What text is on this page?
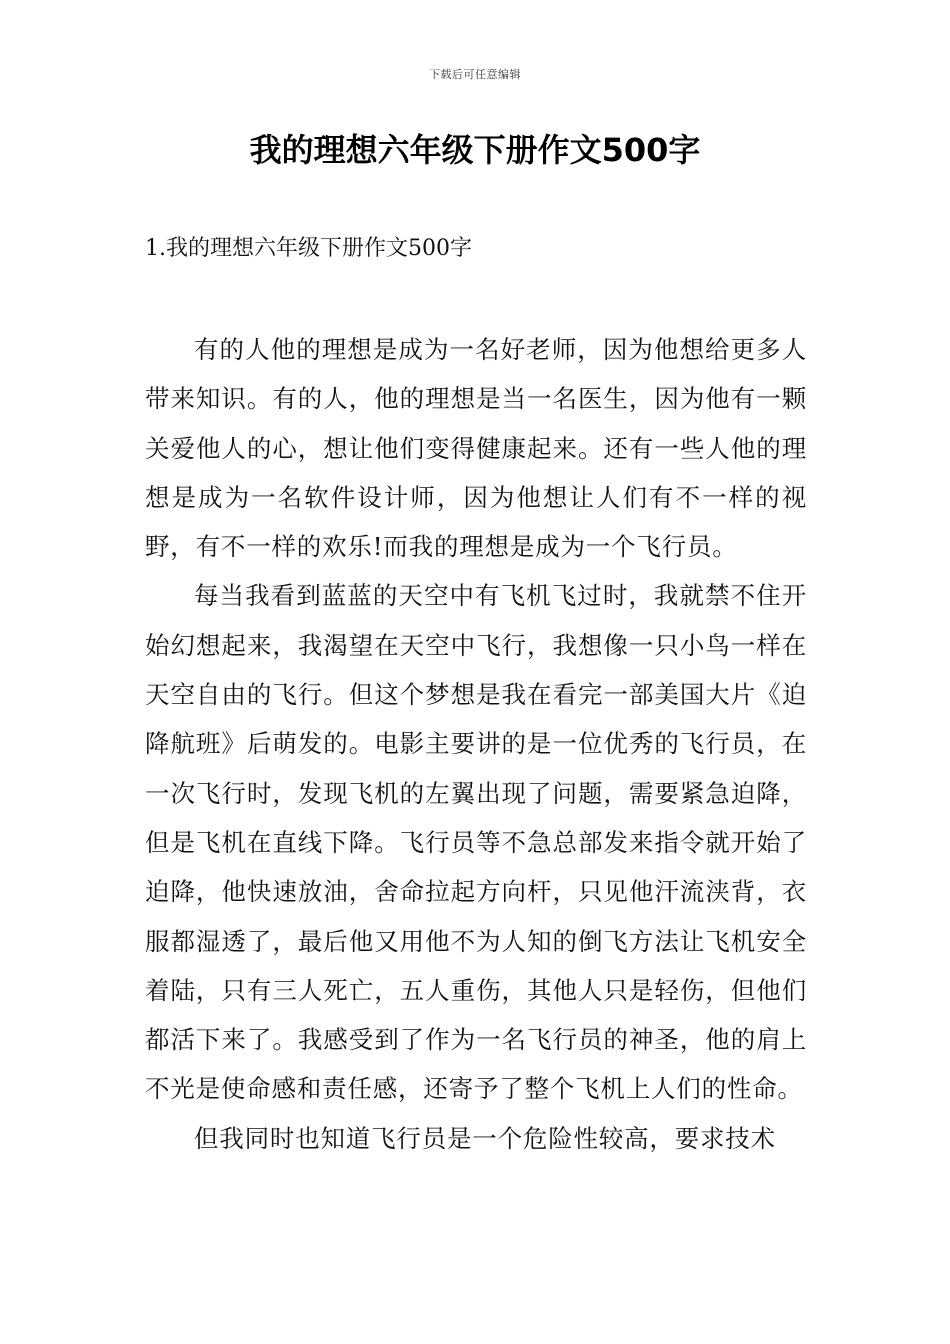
下载后可任意编辑
我的理想六年级下册作文500字
1.我的理想六年级下册作文500字

有的人他的理想是成为一名好老师，因为他想给更多人带来知识。有的人，他的理想是当一名医生，因为他有一颗关爱他人的心，想让他们变得健康起来。还有一些人他的理想是成为一名软件设计师，因为他想让人们有不一样的视野，有不一样的欢乐!而我的理想是成为一个飞行员。

每当我看到蓝蓝的天空中有飞机飞过时，我就禁不住开始幻想起来，我渴望在天空中飞行，我想像一只小鸟一样在天空自由的飞行。但这个梦想是我在看完一部美国大片《迫降航班》后萌发的。电影主要讲的是一位优秀的飞行员，在一次飞行时，发现飞机的左翼出现了问题，需要紧急迫降，但是飞机在直线下降。飞行员等不急总部发来指令就开始了迫降，他快速放油，舍命拉起方向杆，只见他汗流浃背，衣服都湿透了，最后他又用他不为人知的倒飞方法让飞机安全着陆，只有三人死亡，五人重伤，其他人只是轻伤，但他们都活下来了。我感受到了作为一名飞行员的神圣，他的肩上不光是使命感和责任感，还寄予了整个飞机上人们的性命。

但我同时也知道飞行员是一个危险性较高，要求技术
